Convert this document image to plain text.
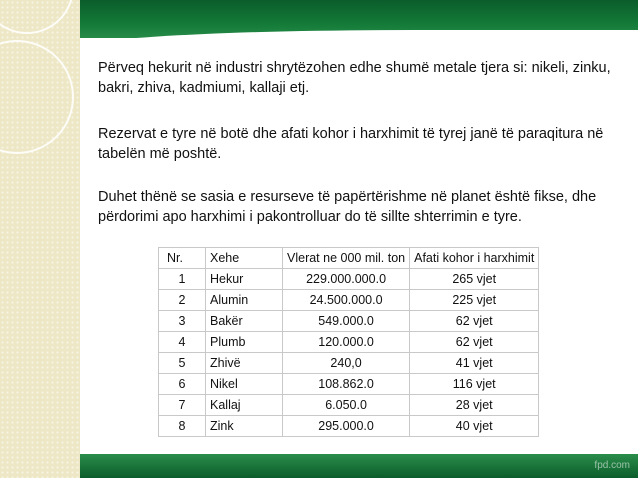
fpd.com

Përveq hekurit në industri shrytëzohen edhe shumë metale tjera si: nikeli, zinku, bakri, zhiva, kadmiumi, kallaji etj.

Rezervat e tyre në botë dhe afati kohor i harxhimit të tyrej janë të paraqitura në tabelën më poshtë.

Duhet thënë se sasia e resurseve të papërtërishme në planet është fikse, dhe përdorimi apo harxhimi i pakontrolluar do të sillte shterrimin e tyre.

Nr.	Xehe	Vlerat ne 000 mil. ton	Afati kohor i harxhimit
1	Hekur	229.000.000.0	265 vjet
2	Alumin	24.500.000.0	225 vjet
3	Bakër	549.000.0	62 vjet
4	Plumb	120.000.0	62 vjet
5	Zhivë	240,0	41 vjet
6	Nikel	108.862.0	116 vjet
7	Kallaj	6.050.0	28 vjet
8	Zink	295.000.0	40 vjet
